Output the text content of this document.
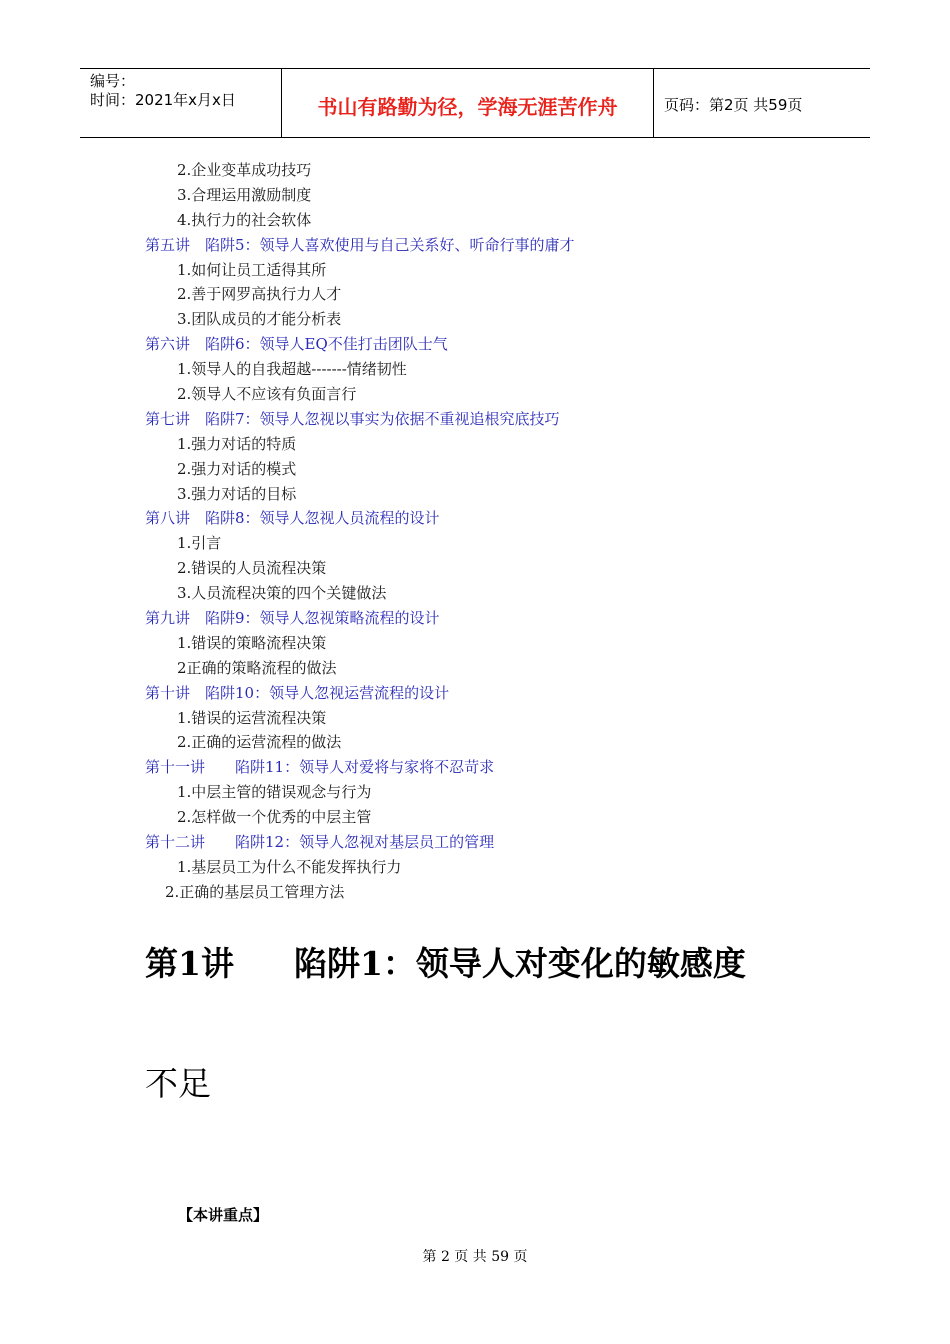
编号：
时间：2021年x月x日	书山有路勤为径，学海无涯苦作舟	页码：第2页 共59页
2.企业变革成功技巧
3.合理运用激励制度
4.执行力的社会软体
第五讲　陷阱5：领导人喜欢使用与自己关系好、听命行事的庸才
1.如何让员工适得其所
2.善于网罗高执行力人才
3.团队成员的才能分析表
第六讲　陷阱6：领导人EQ不佳打击团队士气
1.领导人的自我超越-------情绪韧性
2.领导人不应该有负面言行
第七讲　陷阱7：领导人忽视以事实为依据不重视追根究底技巧
1.强力对话的特质
2.强力对话的模式
3.强力对话的目标
第八讲　陷阱8：领导人忽视人员流程的设计
1.引言
2.错误的人员流程决策
3.人员流程决策的四个关键做法
第九讲　陷阱9：领导人忽视策略流程的设计
1.错误的策略流程决策
2正确的策略流程的做法
第十讲　陷阱10：领导人忽视运营流程的设计
1.错误的运营流程决策
2.正确的运营流程的做法
第十一讲　　陷阱11：领导人对爱将与家将不忍苛求
1.中层主管的错误观念与行为
2.怎样做一个优秀的中层主管
第十二讲　　陷阱12：领导人忽视对基层员工的管理
1.基层员工为什么不能发挥执行力
2.正确的基层员工管理方法
第1讲 陷阱1：领导人对变化的敏感度
不足
【本讲重点】
第 2 页 共 59 页
